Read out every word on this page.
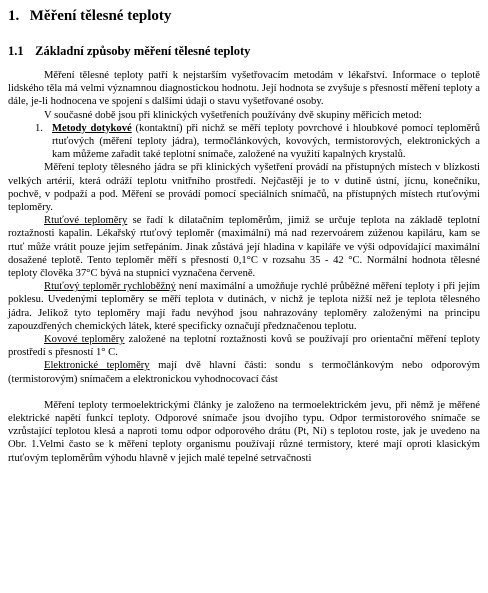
1. Měření tělesné teploty
1.1 Základní způsoby měření tělesné teploty

Měření tělesné teploty patří k nejstarším vyšetřovacím metodám v lékařství. Informace o teplotě lidského těla má velmi významnou diagnostickou hodnotu. Její hodnota se zvyšuje s přesností měření teploty a dále, je-li hodnocena ve spojení s dalšími údaji o stavu vyšetřované osoby.

V současné době jsou při klinických vyšetřeních používány dvě skupiny měřicích metod:

1. Metody dotykové (kontaktní) při nichž se měří teploty povrchové i hloubkové pomocí teploměrů rtuťových (měření teploty jádra), termočlánkových, kovových, termistorových, elektronických a kam můžeme zařadit také teplotní snímače, založené na využití kapalných krystalů.

Měření teploty tělesného jádra se při klinických vyšetření provádí na přístupných místech v blízkosti velkých artérií, která odráží teplotu vnitřního prostředí. Nejčastěji je to v dutině ústní, jícnu, konečníku, pochvě, v podpaží a pod. Měření se provádí pomocí speciálních snímačů, na přístupných místech rtuťovými teploměry.

Rtuťové teploměry se řadí k dilatačním teploměrům, jimiž se určuje teplota na základě teplotní roztažnosti kapalin. Lékařský rtuťový teploměr (maximální) má nad rezervoárem zúženou kapiláru, kam se rtuť může vrátit pouze jejím setřepáním. Jinak zůstává její hladina v kapiláře ve výši odpovídající maximální dosažené teplotě. Tento teploměr měří s přesností 0,1°C v rozsahu 35 - 42 °C. Normální hodnota tělesné teploty člověka 37°C bývá na stupnici vyznačena červeně.

Rtuťový teploměr rychloběžný není maximální a umožňuje rychlé průběžné měření teploty i při jejím poklesu. Uvedenými teploměry se měří teplota v dutinách, v nichž je teplota nižší než je teplota tělesného jádra. Jelikož tyto teploměry mají řadu nevýhod jsou nahrazovány teploměry založenými na principu zapouzdřených chemických látek, které specificky označují předznačenou teplotu.

Kovové teploměry založené na teplotní roztažnosti kovů se používají pro orientační měření teploty prostředí s přesností 1° C.

Elektronické teploměry mají dvě hlavní části: sondu s termočlánkovým nebo odporovým (termistorovým) snímačem a elektronickou vyhodnocovací část

Měření teploty termoelektrickými články je založeno na termoelektrickém jevu, při němž je měřené elektrické napětí funkcí teploty. Odporové snímače jsou dvojího typu. Odpor termistorového snímače se vzrůstající teplotou klesá a naproti tomu odpor odporového drátu (Pt, Ni) s teplotou roste, jak je uvedeno na Obr. 1.Velmi často se k měření teploty organismu používají různé termistory, které mají oproti klasickým rtuťovým teploměrům výhodu hlavně v jejich malé tepelné setrvačnosti
